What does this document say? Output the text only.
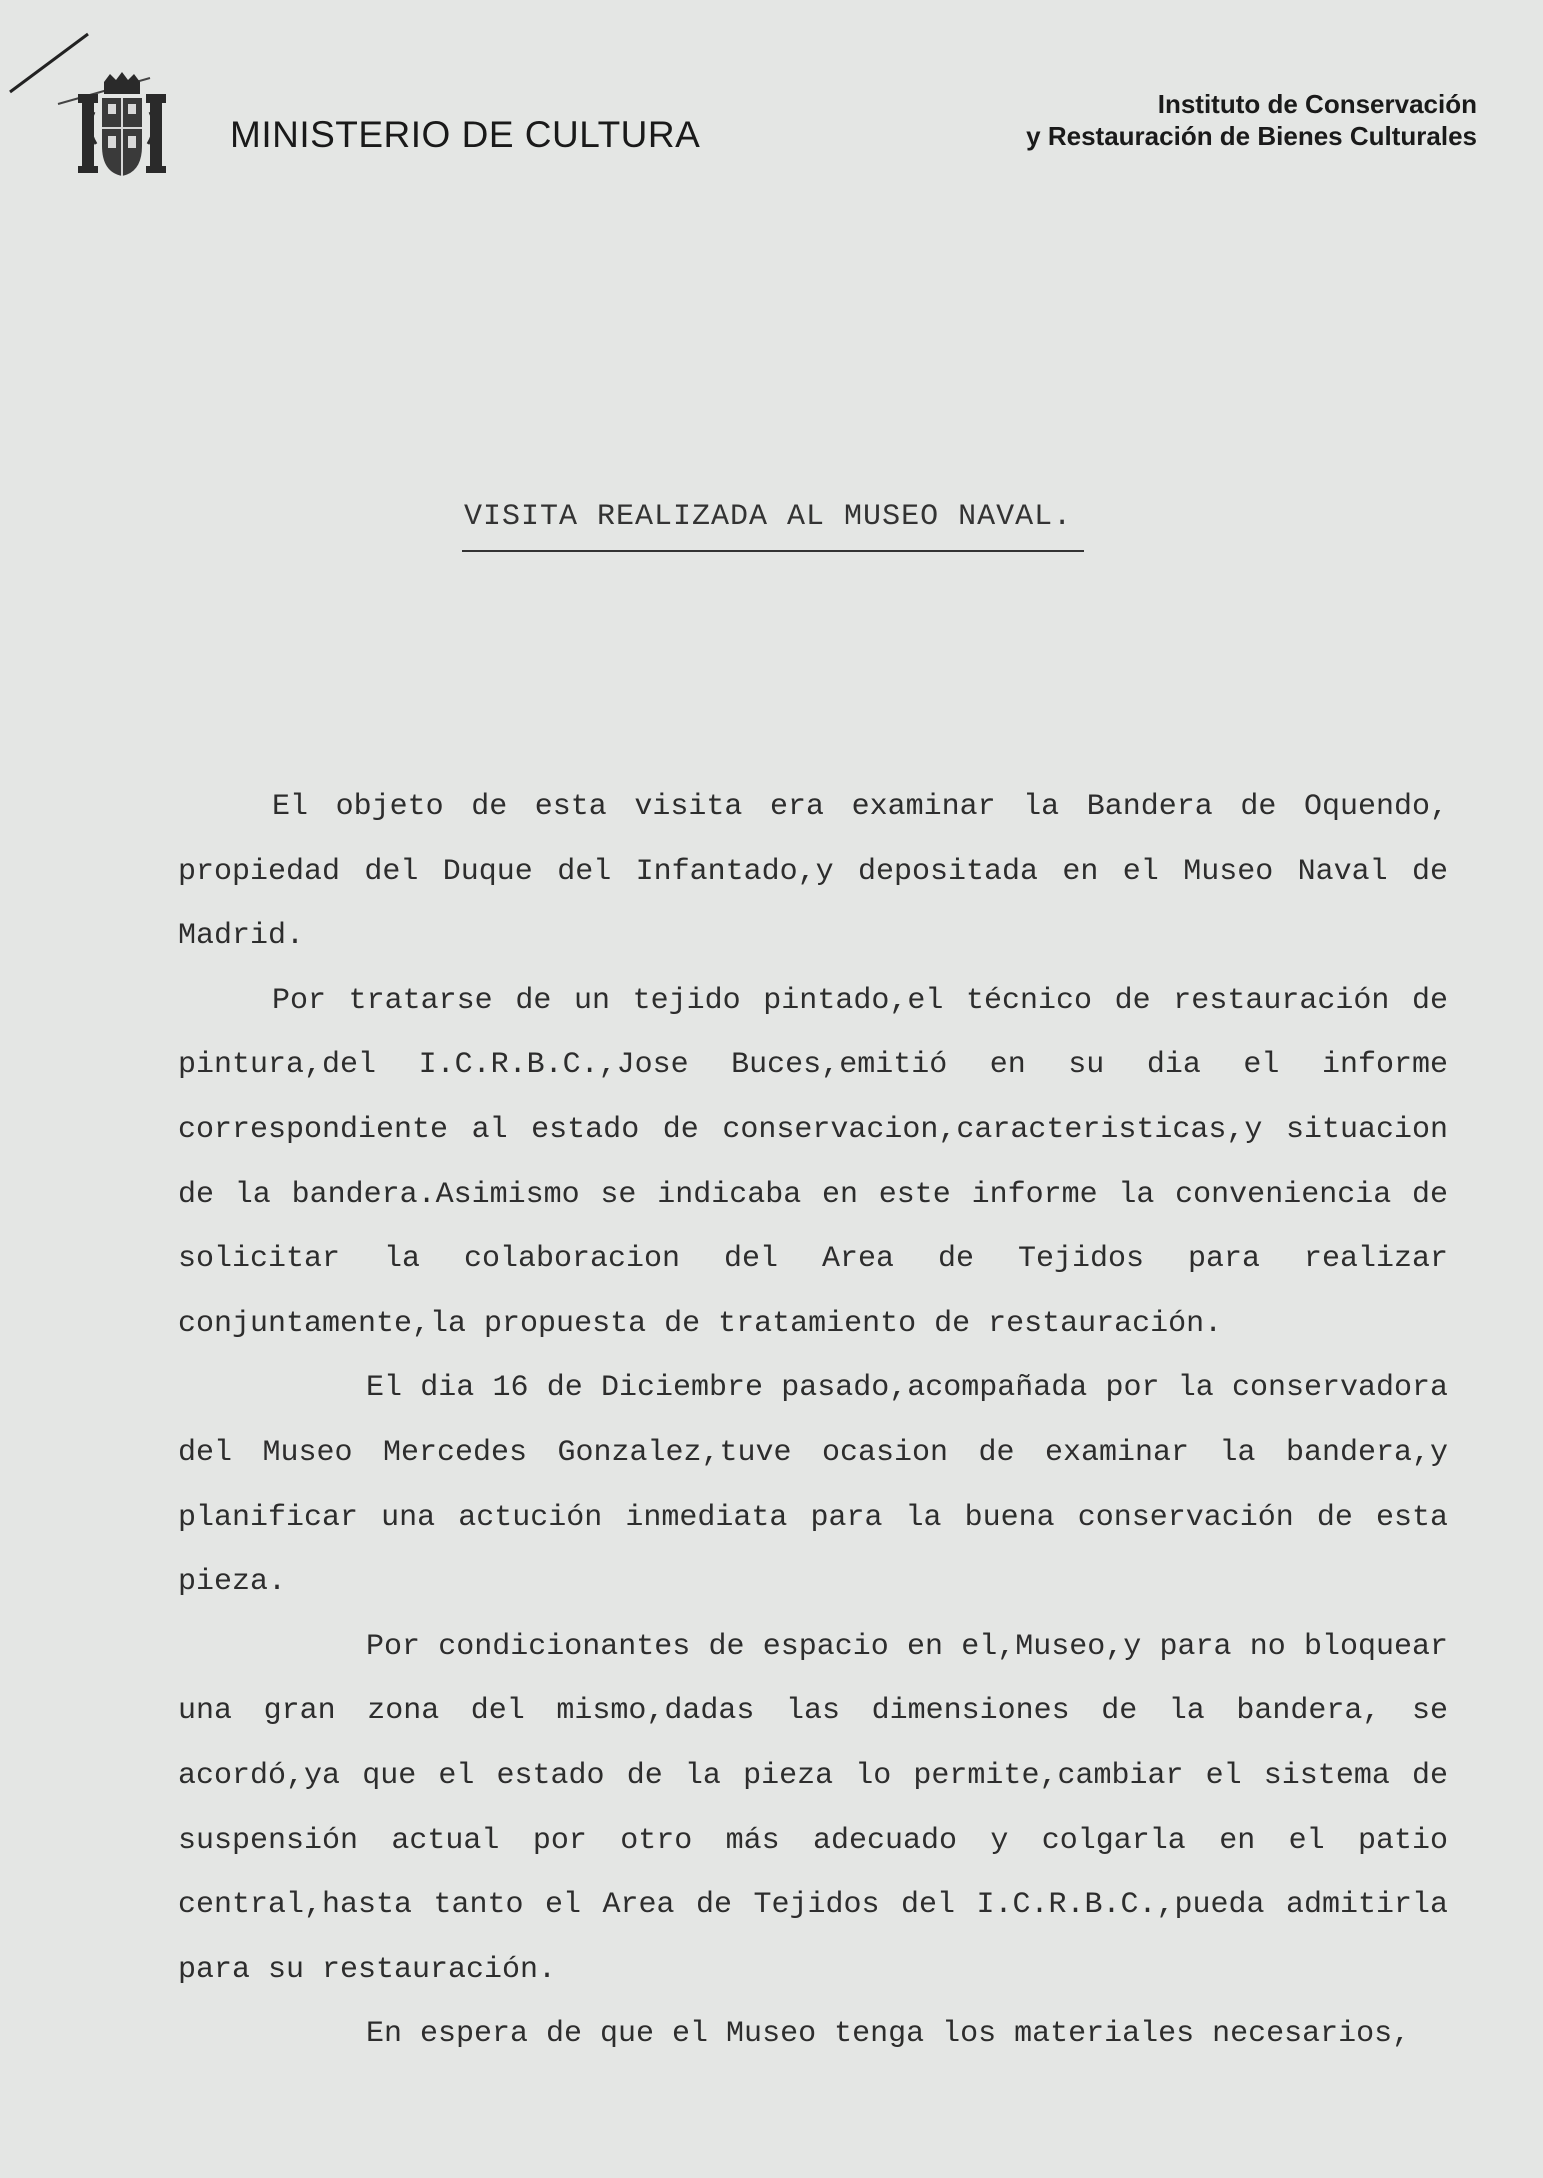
MINISTERIO DE CULTURA
Instituto de Conservación
y Restauración de Bienes Culturales
VISITA REALIZADA AL MUSEO NAVAL.

El objeto de esta visita era examinar la Bandera de Oquendo, propiedad del Duque del Infantado,y depositada en el Museo Naval de Madrid.

Por tratarse de un tejido pintado,el técnico de restauración de pintura,del I.C.R.B.C.,Jose Buces,emitió en su dia el informe correspondiente al estado de conservacion,caracteristicas,y situacion de la bandera.Asimismo se indicaba en este informe la conveniencia de solicitar la colaboracion del Area de Tejidos para realizar conjuntamente,la propuesta de tratamiento de restauración.

El dia 16 de Diciembre pasado,acompañada por la conservadora del Museo Mercedes Gonzalez,tuve ocasion de examinar la bandera,y planificar una actución inmediata para la buena conservación de esta pieza.

Por condicionantes de espacio en el,Museo,y para no bloquear una gran zona del mismo,dadas las dimensiones de la bandera, se acordó,ya que el estado de la pieza lo permite,cambiar el sistema de suspensión actual por otro más adecuado y colgarla en el patio central,hasta tanto el Area de Tejidos del I.C.R.B.C.,pueda admitirla para su restauración.

En espera de que el Museo tenga los materiales necesarios,
